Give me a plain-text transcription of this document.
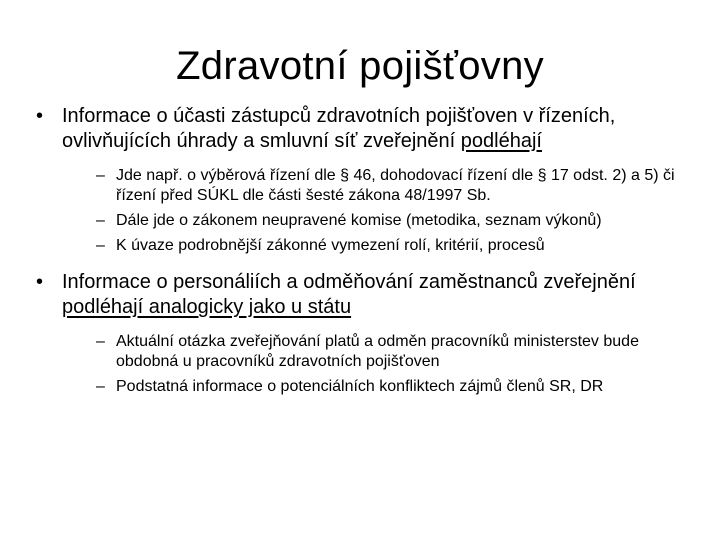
Zdravotní pojišťovny
• Informace o účasti zástupců zdravotních pojišťoven v řízeních, ovlivňujících úhrady a smluvní síť zveřejnění podléhají
– Jde např. o výběrová řízení dle § 46, dohodovací řízení dle § 17 odst. 2) a 5) či řízení před SÚKL dle části šesté zákona 48/1997 Sb.
– Dále jde o zákonem neupravené komise (metodika, seznam výkonů)
– K úvaze podrobnější zákonné vymezení rolí, kritérií, procesů
• Informace o personáliích a odměňování zaměstnanců zveřejnění podléhají analogicky jako u státu
– Aktuální otázka zveřejňování platů a odměn pracovníků ministerstev bude obdobná u pracovníků zdravotních pojišťoven
– Podstatná informace o potenciálních konfliktech zájmů členů SR, DR
